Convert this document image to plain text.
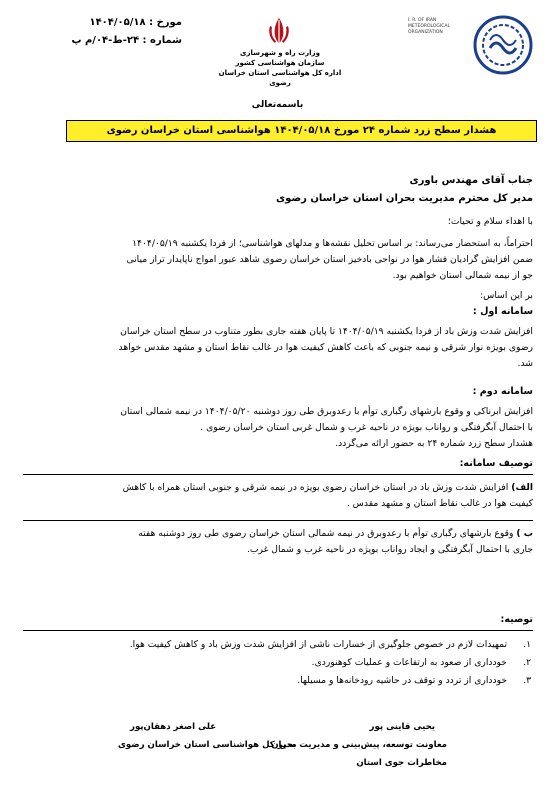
مورخ : ۱۴۰۴/۰۵/۱۸
شماره : ۲۴-ط-۰۴/م پ
وزارت راه و شهرسازی
سازمان هواشناسی کشور
اداره کل هواشناسی استان خراسان رضوی
I. R. OF IRAN METEOROLOGICAL ORGANIZATION
باسمه‌تعالی
هشدار سطح زرد شماره ۲۴ مورخ ۱۴۰۴/۰۵/۱۸ هواشناسی استان خراسان رضوی
جناب آقای مهندس باوری
مدیر کل محترم مدیریت بحران استان خراسان رضوی
با اهداء سلام و تحیات؛
احتراماً، به استحضار می‌رساند: بر اساس تحلیل نقشه‌ها و مدلهای هواشناسی؛ از فردا یکشنبه ۱۴۰۴/۰۵/۱۹
ضمن افزایش گرادیان فشار هوا در نواحی بادخیز استان خراسان رضوی شاهد عبور امواج ناپایدار تراز میانی
جو از نیمه شمالی استان خواهیم بود.
بر این اساس:
سامانه اول :
افزایش شدت وزش باد از فردا یکشنبه ۱۴۰۴/۰۵/۱۹ تا پایان هفته جاری بطور متناوب در سطح استان خراسان
رضوی بویژه نوار شرقی و نیمه جنوبی که باعث کاهش کیفیت هوا در غالب نقاط استان و مشهد مقدس خواهد
شد.
سامانه دوم :
افزایش ابرناکی و وقوع بارشهای رگباری توأم با رعدوبرق طی روز دوشنبه ۱۴۰۴/۰۵/۲۰ در نیمه شمالی استان
با احتمال آبگرفتگی و رواناب بویژه در ناحیه غرب و شمال غربی استان خراسان رضوی .
هشدار سطح زرد شماره ۲۴ به حضور ارائه می‌گردد.
توصیف سامانه:
الف) افزایش شدت وزش باد در استان خراسان رضوی بویژه در نیمه شرقی و جنوبی استان همراه با کاهش
کیفیت هوا در غالب نقاط استان و مشهد مقدس .
ب ) وقوع بارشهای رگباری توأم با رعدوبرق در نیمه شمالی استان خراسان رضوی طی روز دوشنبه هفته
جاری با احتمال آبگرفتگی و ایجاد رواناب بویژه در ناحیه غرب و شمال غرب.
توصیه:
۱.
تمهیدات لازم در خصوص جلوگیری از خسارات ناشی از افزایش شدت وزش باد و کاهش کیفیت هوا.
۲.
خودداری از صعود به ارتفاعات و عملیات کوهنوردی.
۳.
خودداری از تردد و توقف در حاشیه رودخانه‌ها و مسیلها.
یحیی قاینی پور
معاونت توسعه، پیش‌بینی و مدیریت بحران
مخاطرات جوی استان
علی اصغر دهقان‌پور
مدیر کل هواشناسی استان خراسان رضوی
